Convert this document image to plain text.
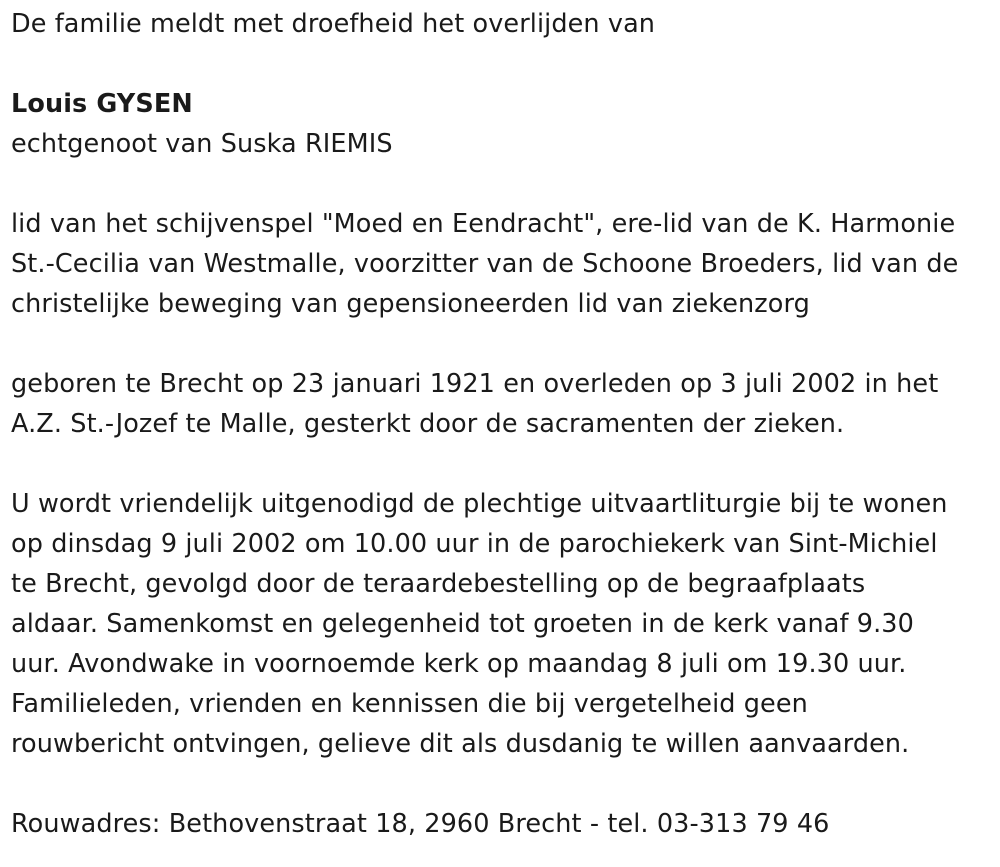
De familie meldt met droefheid het overlijden van
Louis GYSEN
echtgenoot van Suska RIEMIS
lid van het schijvenspel "Moed en Eendracht", ere-lid van de K. Harmonie
St.-Cecilia van Westmalle, voorzitter van de Schoone Broeders, lid van de
christelijke beweging van gepensioneerden lid van ziekenzorg
geboren te Brecht op 23 januari 1921 en overleden op 3 juli 2002 in het
A.Z. St.-Jozef te Malle, gesterkt door de sacramenten der zieken.
U wordt vriendelijk uitgenodigd de plechtige uitvaartliturgie bij te wonen
op dinsdag 9 juli 2002 om 10.00 uur in de parochiekerk van Sint-Michiel
te Brecht, gevolgd door de teraardebestelling op de begraafplaats
aldaar. Samenkomst en gelegenheid tot groeten in de kerk vanaf 9.30
uur. Avondwake in voornoemde kerk op maandag 8 juli om 19.30 uur.
Familieleden, vrienden en kennissen die bij vergetelheid geen
rouwbericht ontvingen, gelieve dit als dusdanig te willen aanvaarden.
Rouwadres: Bethovenstraat 18, 2960 Brecht - tel. 03-313 79 46
